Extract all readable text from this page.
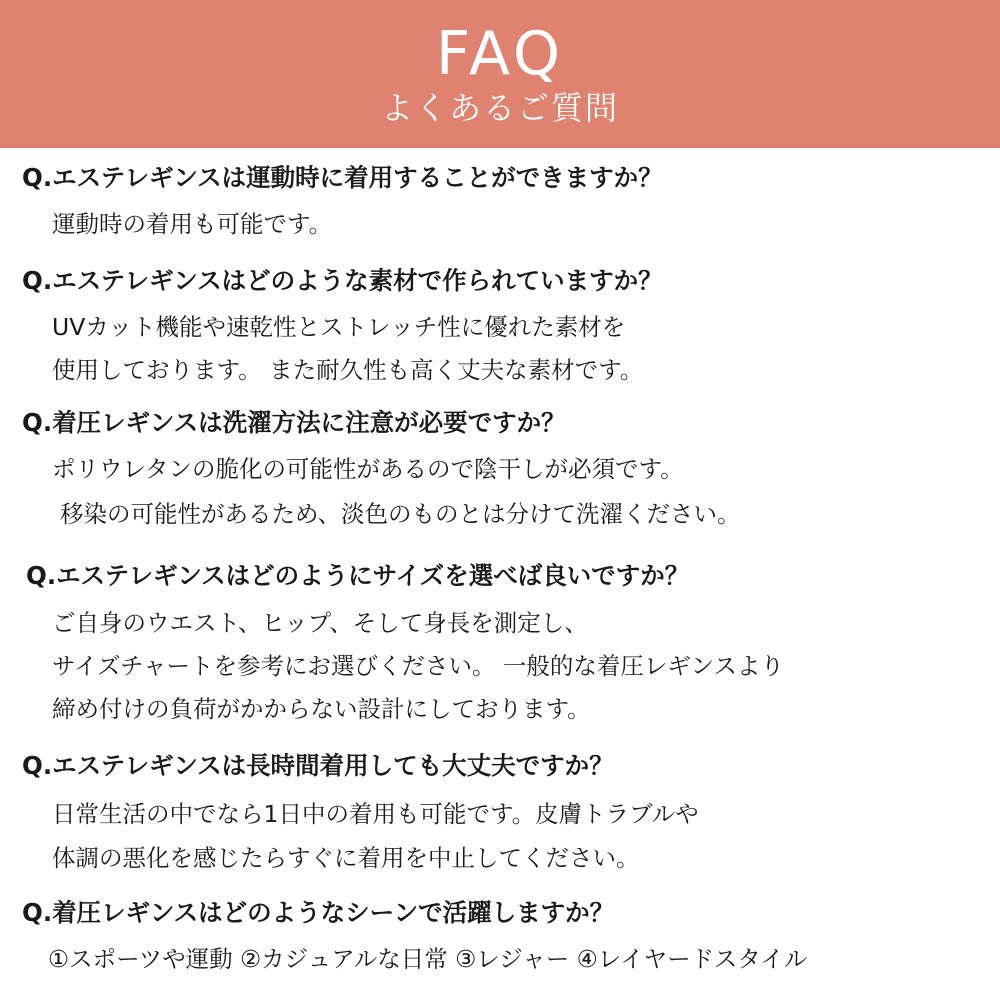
FAQ
よくあるご質問

Q.エステレギンスは運動時に着用することができますか？

運動時の着用も可能です。

Q.エステレギンスはどのような素材で作られていますか？

UVカット機能や速乾性とストレッチ性に優れた素材を

使用しております。 また耐久性も高く丈夫な素材です。

Q.着圧レギンスは洗濯方法に注意が必要ですか？

ポリウレタンの脆化の可能性があるので陰干しが必須です。

移染の可能性があるため、淡色のものとは分けて洗濯ください。

Q.エステレギンスはどのようにサイズを選べば良いですか？

ご自身のウエスト、ヒップ、そして身長を測定し、

サイズチャートを参考にお選びください。 一般的な着圧レギンスより

締め付けの負荷がかからない設計にしております。

Q.エステレギンスは長時間着用しても大丈夫ですか？

日常生活の中でなら1日中の着用も可能です。皮膚トラブルや

体調の悪化を感じたらすぐに着用を中止してください。

Q.着圧レギンスはどのようなシーンで活躍しますか？

①スポーツや運動 ②カジュアルな日常 ③レジャー ④レイヤードスタイル
